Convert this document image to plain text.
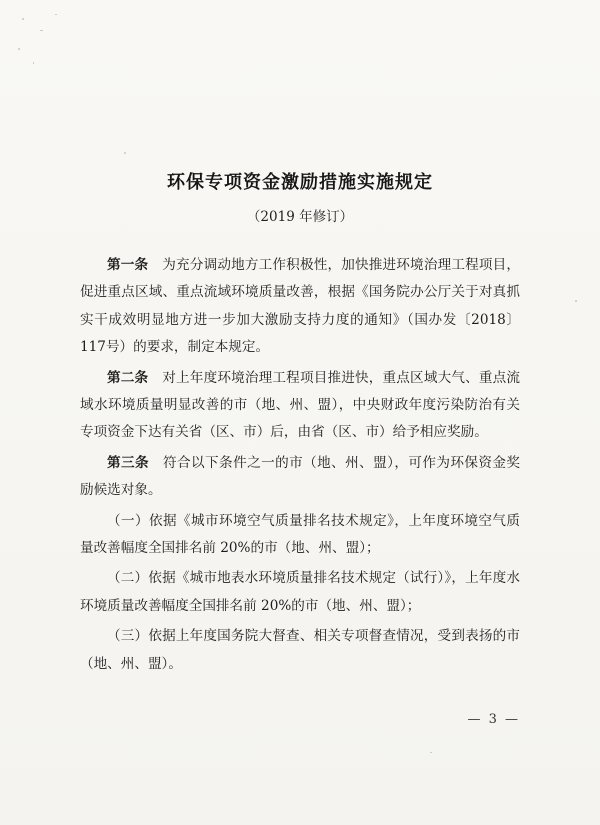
环保专项资金激励措施实施规定
（2019 年修订）

第一条 为充分调动地方工作积极性，加快推进环境治理工程项目，促进重点区域、重点流域环境质量改善，根据《国务院办公厅关于对真抓实干成效明显地方进一步加大激励支持力度的通知》（国办发〔2018〕117号）的要求，制定本规定。

第二条 对上年度环境治理工程项目推进快，重点区域大气、重点流域水环境质量明显改善的市（地、州、盟），中央财政年度污染防治有关专项资金下达有关省（区、市）后，由省（区、市）给予相应奖励。

第三条 符合以下条件之一的市（地、州、盟），可作为环保资金奖励候选对象。

（一）依据《城市环境空气质量排名技术规定》，上年度环境空气质量改善幅度全国排名前 20%的市（地、州、盟）；

（二）依据《城市地表水环境质量排名技术规定（试行）》，上年度水环境质量改善幅度全国排名前 20%的市（地、州、盟）；

（三）依据上年度国务院大督查、相关专项督查情况，受到表扬的市（地、州、盟）。

— 3 —
